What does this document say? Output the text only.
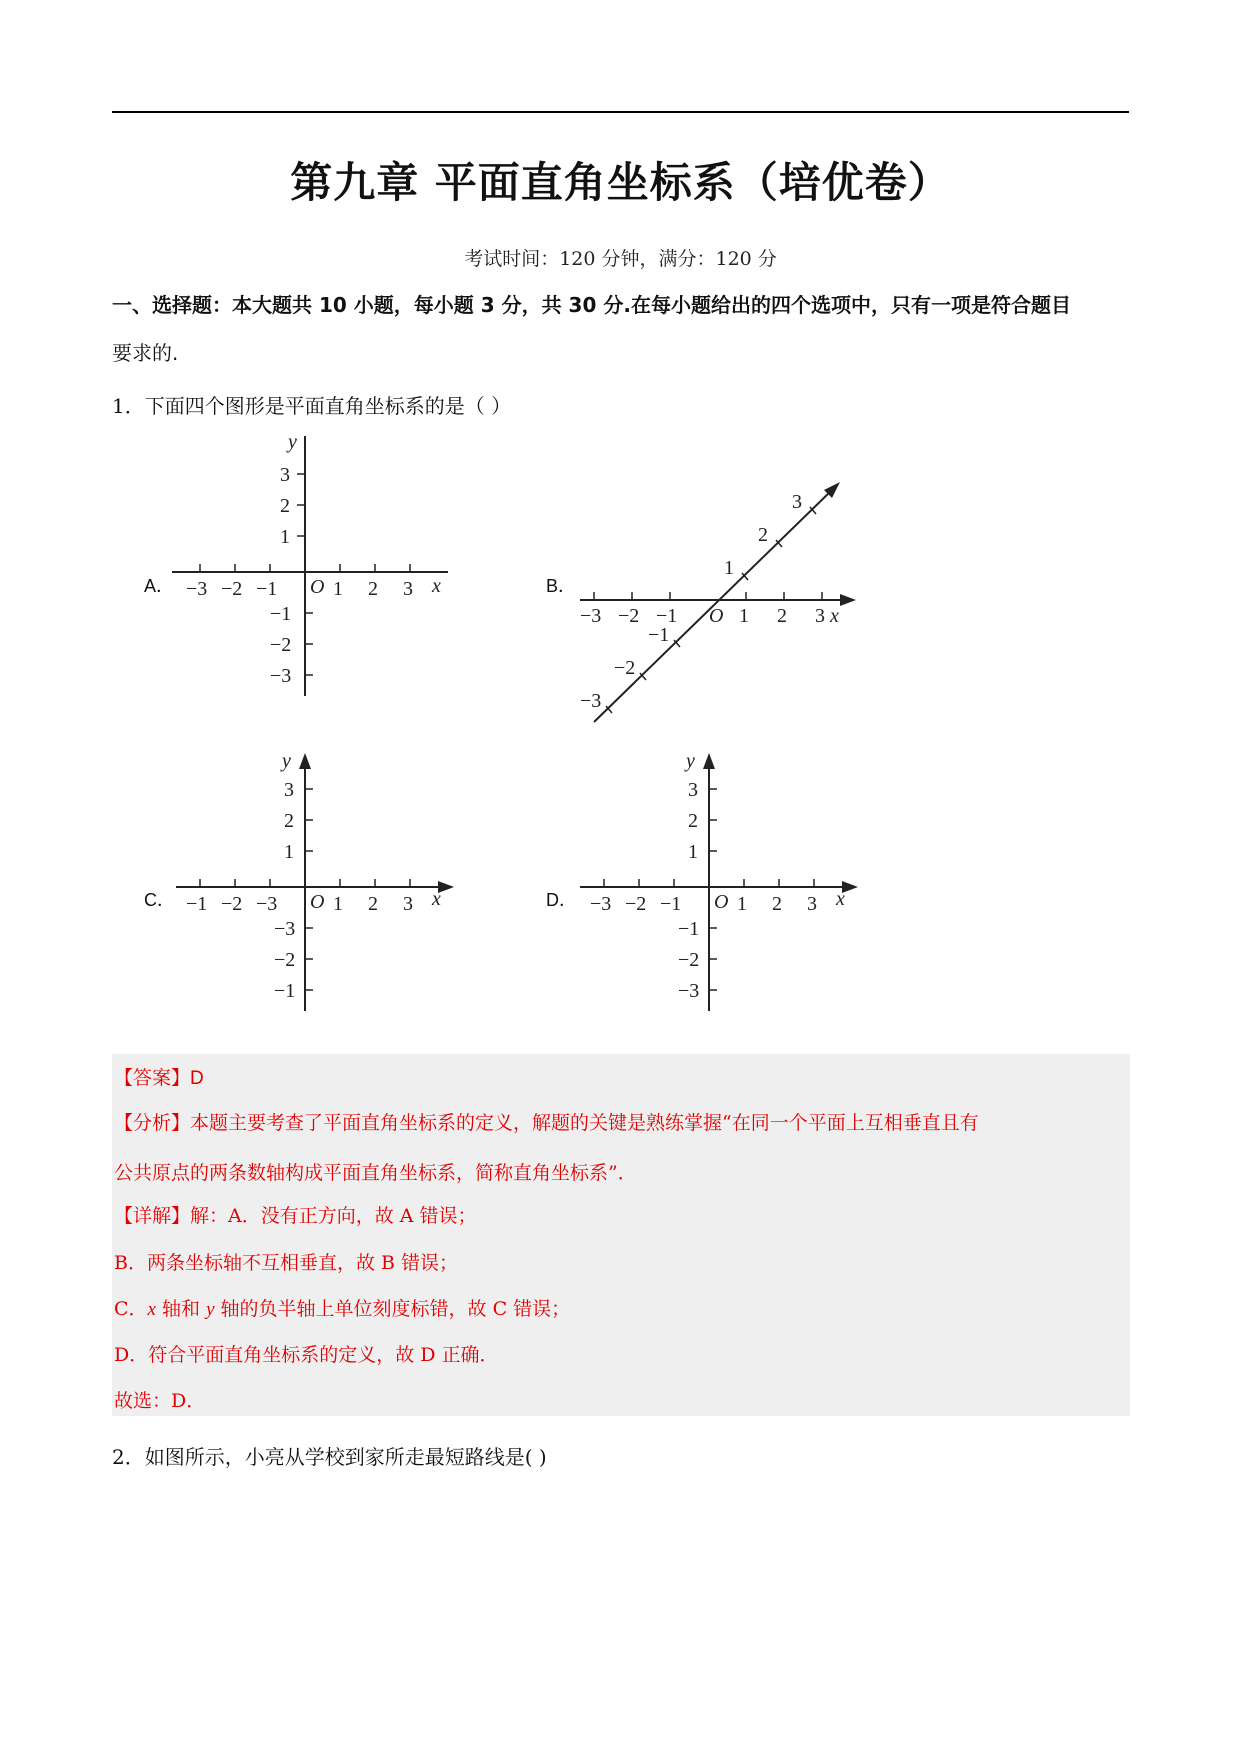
第九章 平面直角坐标系（培优卷）
考试时间：120 分钟，满分：120 分
一、选择题：本大题共 10 小题，每小题 3 分，共 30 分.在每小题给出的四个选项中，只有一项是符合题目
要求的.
1．下面四个图形是平面直角坐标系的是（ ）
A．	B．
C．	D．
y
3
2
1
−1
−2
−3
−3 −2 −1 O 1 2 3 x
−3 −2 −1 O 1 2 3 x
3
2
1
−1
−2
−3
y
3
2
1
−3
−2
−1
−1 −2 −3 O 1 2 3 x
y
3
2
1
−1
−2
−3
−3 −2 −1 O 1 2 3 x
【答案】D
【分析】本题主要考查了平面直角坐标系的定义，解题的关键是熟练掌握“在同一个平面上互相垂直且有
公共原点的两条数轴构成平面直角坐标系，简称直角坐标系”．
【详解】解：A．没有正方向，故 A 错误；
B．两条坐标轴不互相垂直，故 B 错误；
C．x 轴和 y 轴的负半轴上单位刻度标错，故 C 错误；
D．符合平面直角坐标系的定义，故 D 正确．
故选：D．
2．如图所示，小亮从学校到家所走最短路线是( )
